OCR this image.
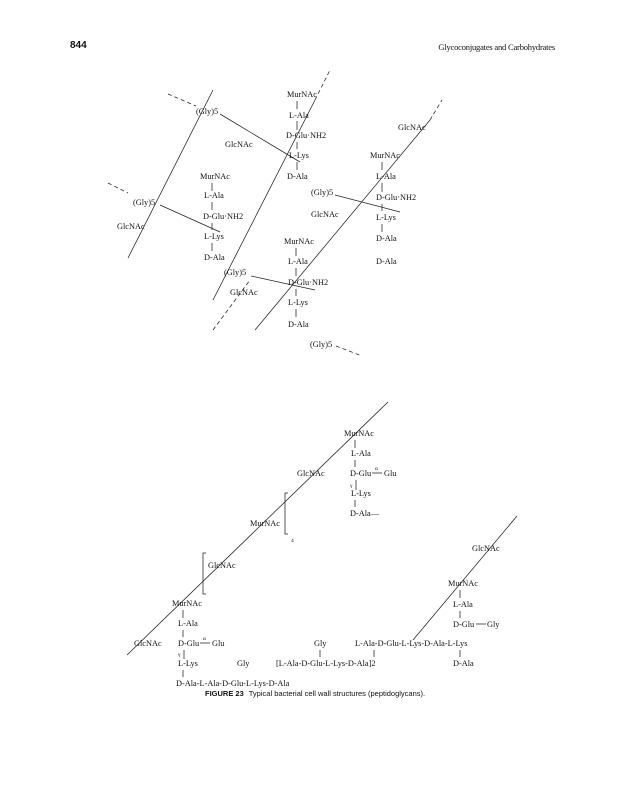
844	Glycoconjugates and Carbohydrates
MurNAc
L-Ala
D-Glu·NH2
L-Lys
D-Ala
(Gly)5
GlcNAc
GlcNAc
MurNAc
L-Ala
D-Glu·NH2
L-Lys
D-Ala
D-Ala
(Gly)5
GlcNAc
MurNAc
L-Ala
D-Glu·NH2
L-Lys
D-Ala
(Gly)5
GlcNAc
(Gly)5
GlcNAc
MurNAc
L-Ala
D-Glu·NH2
L-Lys
D-Ala
(Gly)5
MurNAc
L-Ala
D-Glu α Glu
γ
L-Lys
D-Ala—
GlcNAc
MurNAc
4
GlcNAc
MurNAc
L-Ala
D-Glu α Glu
γ
L-Lys
D-Ala-L-Ala-D-Glu-L-Lys-D-Ala
Gly
Gly
[L-Ala-D-Glu-L-Lys-D-Ala]2
GlcNAc	L-Ala-D-Glu-L-Lys-D-Ala-L-Lys
GlcNAc
MurNAc
L-Ala
D-Glu Gly
D-Ala
FIGURE 23 Typical bacterial cell wall structures (peptidoglycans).
